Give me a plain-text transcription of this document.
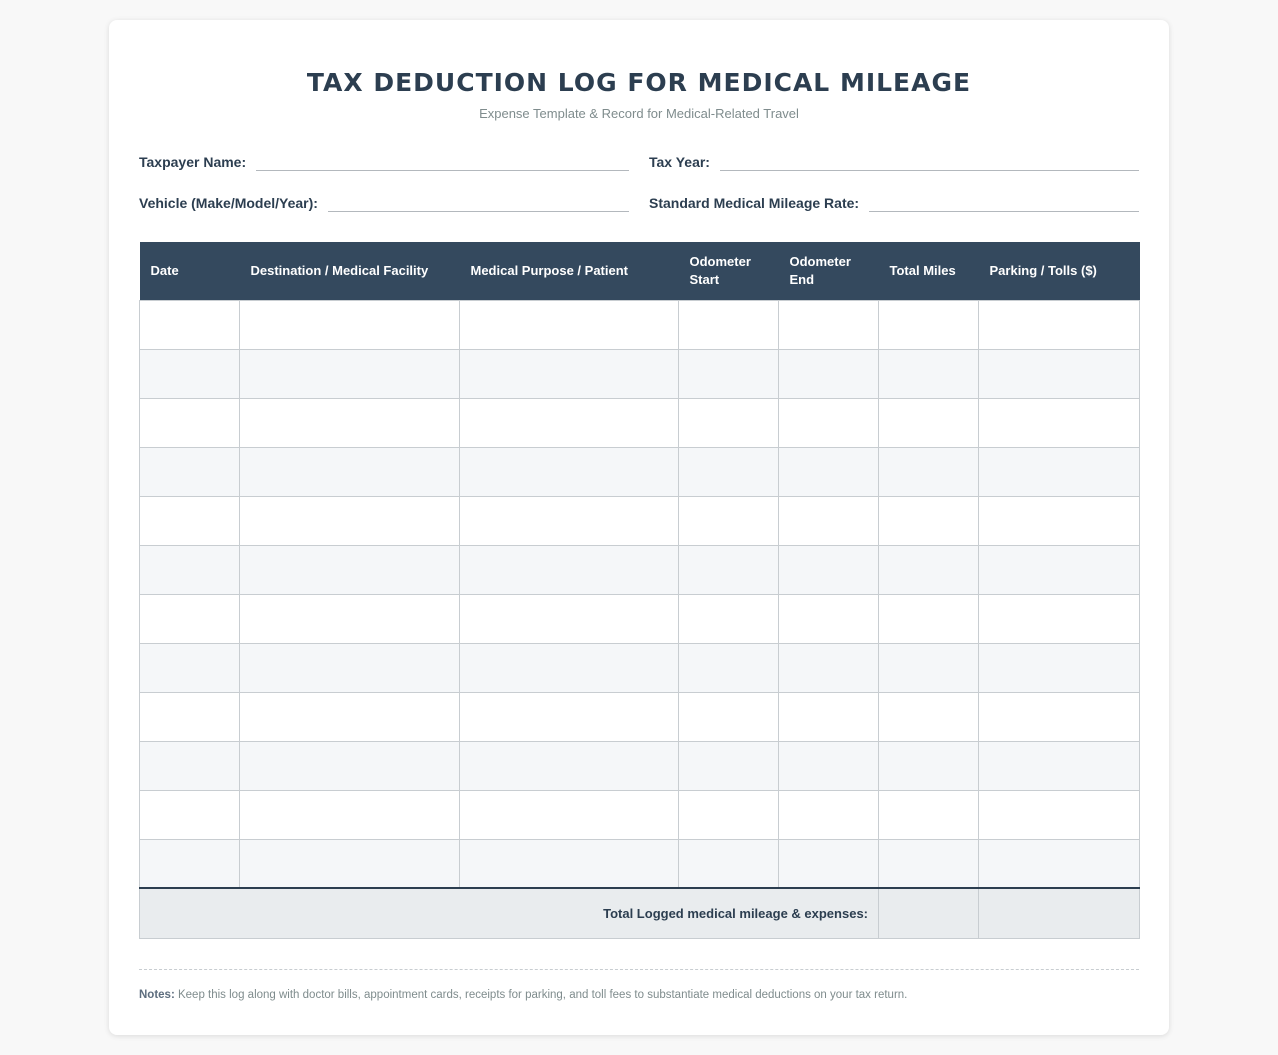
TAX DEDUCTION LOG FOR MEDICAL MILEAGE
Expense Template & Record for Medical-Related Travel
Taxpayer Name:	Tax Year:
Vehicle (Make/Model/Year):	Standard Medical Mileage Rate:
Date	Destination / Medical Facility	Medical Purpose / Patient	Odometer Start	Odometer End	Total Miles	Parking / Tolls ($)

Total Logged medical mileage & expenses:						
Notes: Keep this log along with doctor bills, appointment cards, receipts for parking, and toll fees to substantiate medical deductions on your tax return.
